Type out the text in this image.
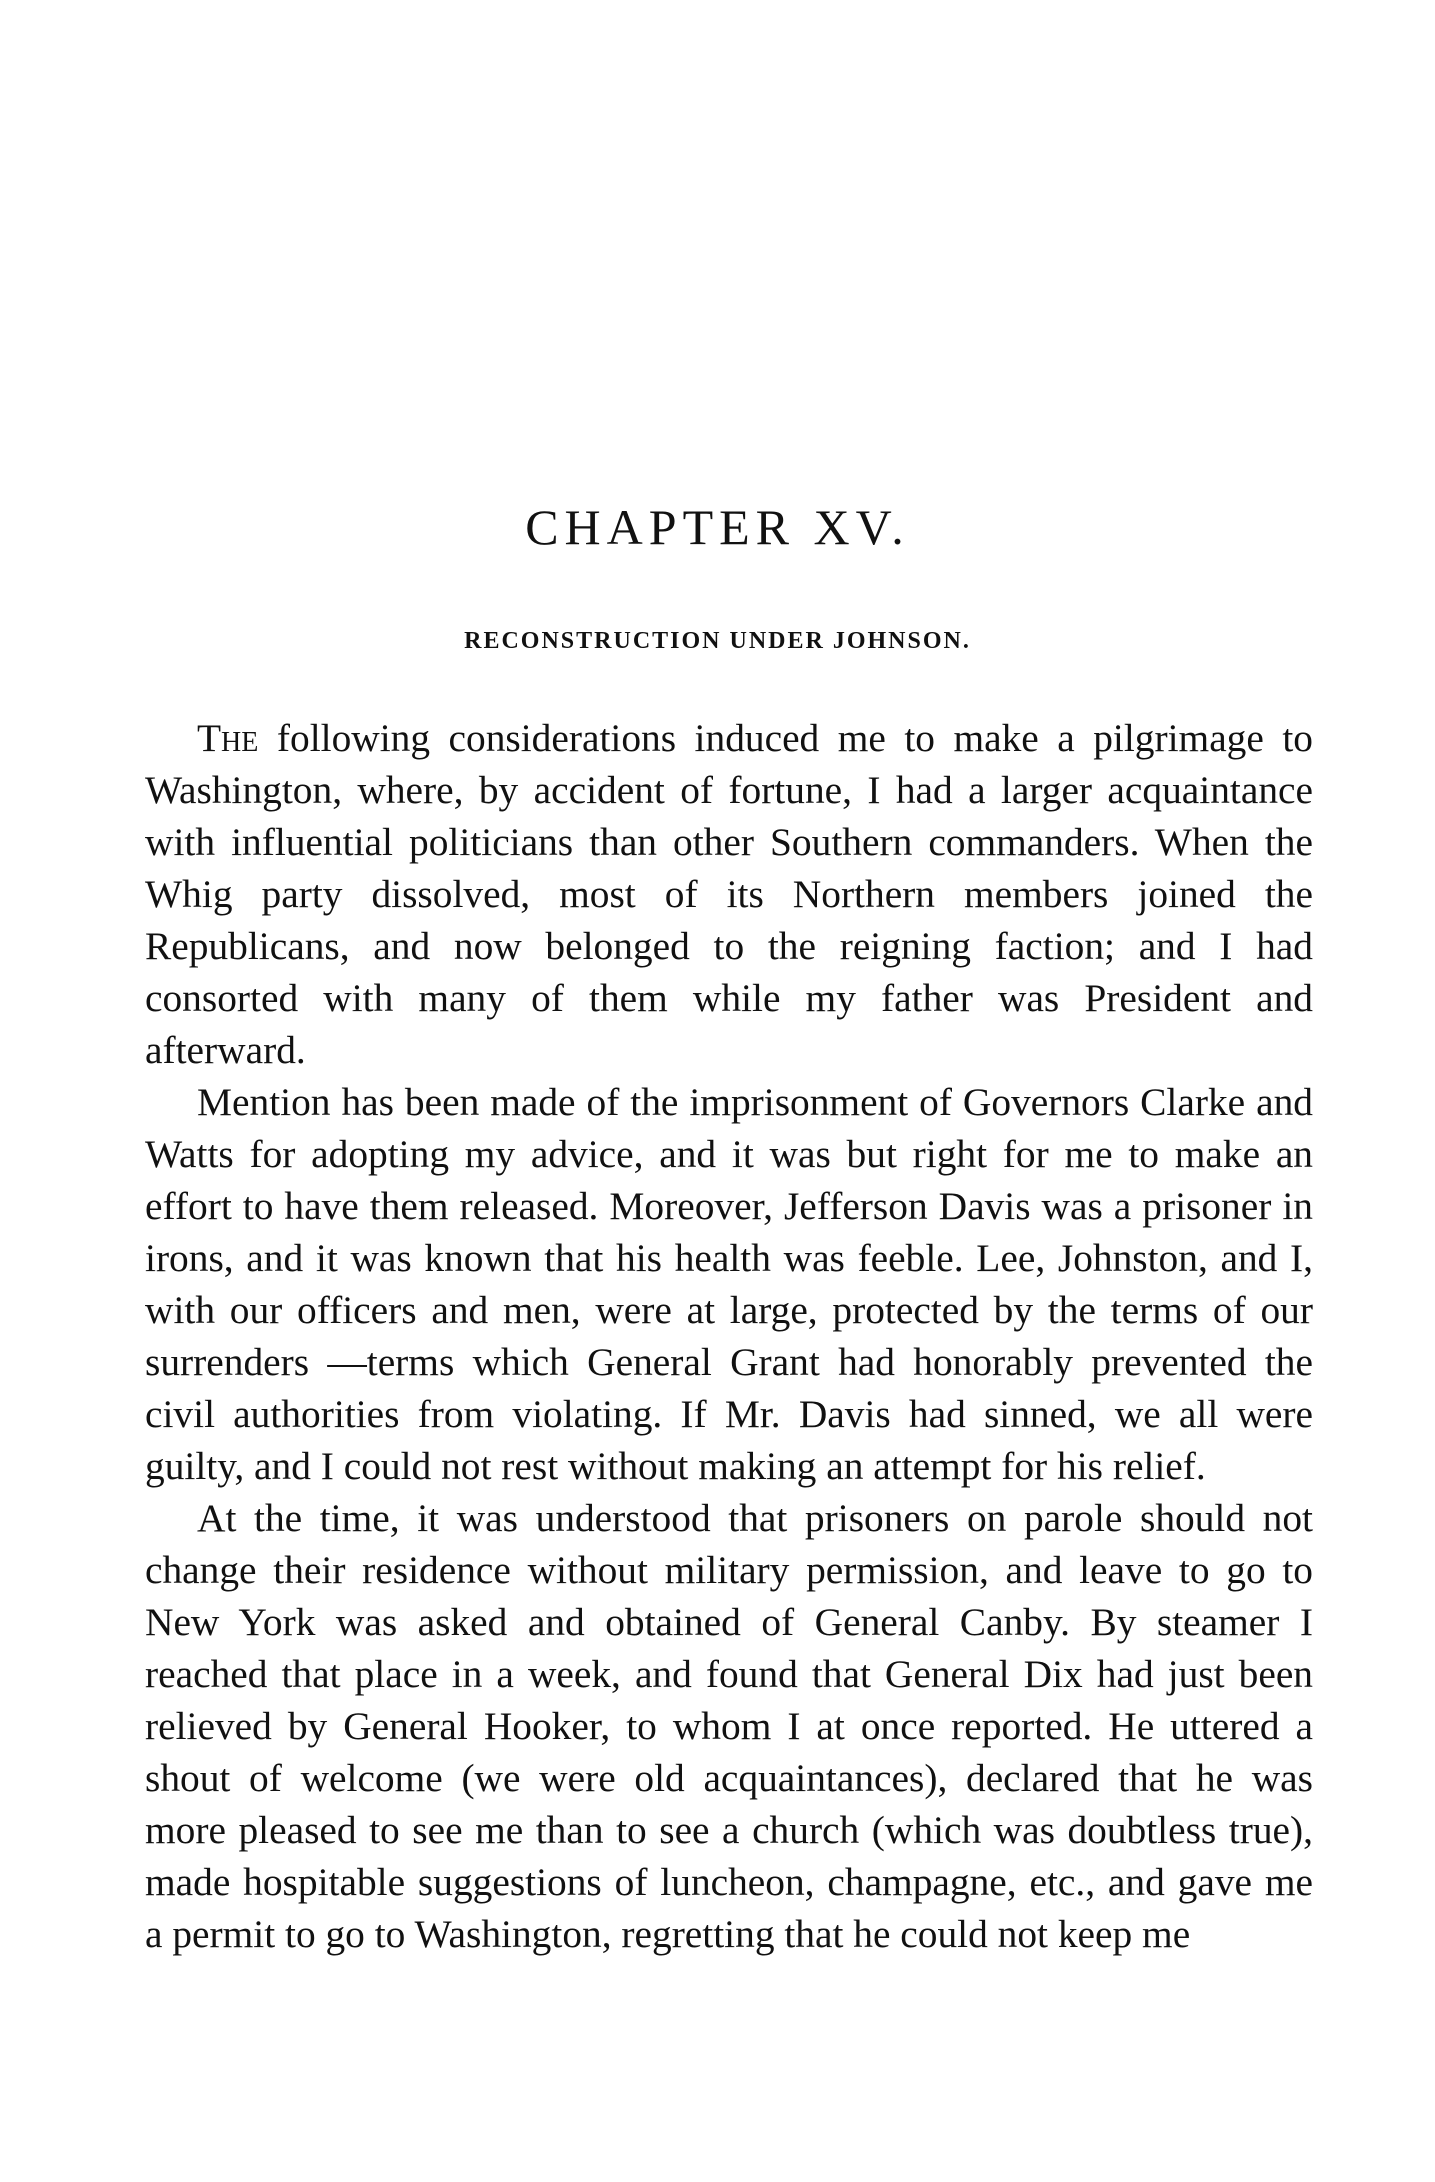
CHAPTER XV.
RECONSTRUCTION UNDER JOHNSON.

The following considerations induced me to make a pilgrimage to Washington, where, by accident of fortune, I had a larger acquaintance with influential politicians than other Southern commanders. When the Whig party dissolved, most of its Northern members joined the Republicans, and now belonged to the reigning faction; and I had consorted with many of them while my father was President and afterward.

Mention has been made of the imprisonment of Governors Clarke and Watts for adopting my advice, and it was but right for me to make an effort to have them released. Moreover, Jefferson Davis was a prisoner in irons, and it was known that his health was feeble. Lee, Johnston, and I, with our officers and men, were at large, protected by the terms of our surrenders —terms which General Grant had honorably prevented the civil authorities from violating. If Mr. Davis had sinned, we all were guilty, and I could not rest without making an attempt for his relief.

At the time, it was understood that prisoners on parole should not change their residence without military permission, and leave to go to New York was asked and obtained of General Canby. By steamer I reached that place in a week, and found that General Dix had just been relieved by General Hooker, to whom I at once reported. He uttered a shout of welcome (we were old acquaintances), declared that he was more pleased to see me than to see a church (which was doubtless true), made hospitable suggestions of luncheon, champagne, etc., and gave me a permit to go to Washington, regretting that he could not keep me
